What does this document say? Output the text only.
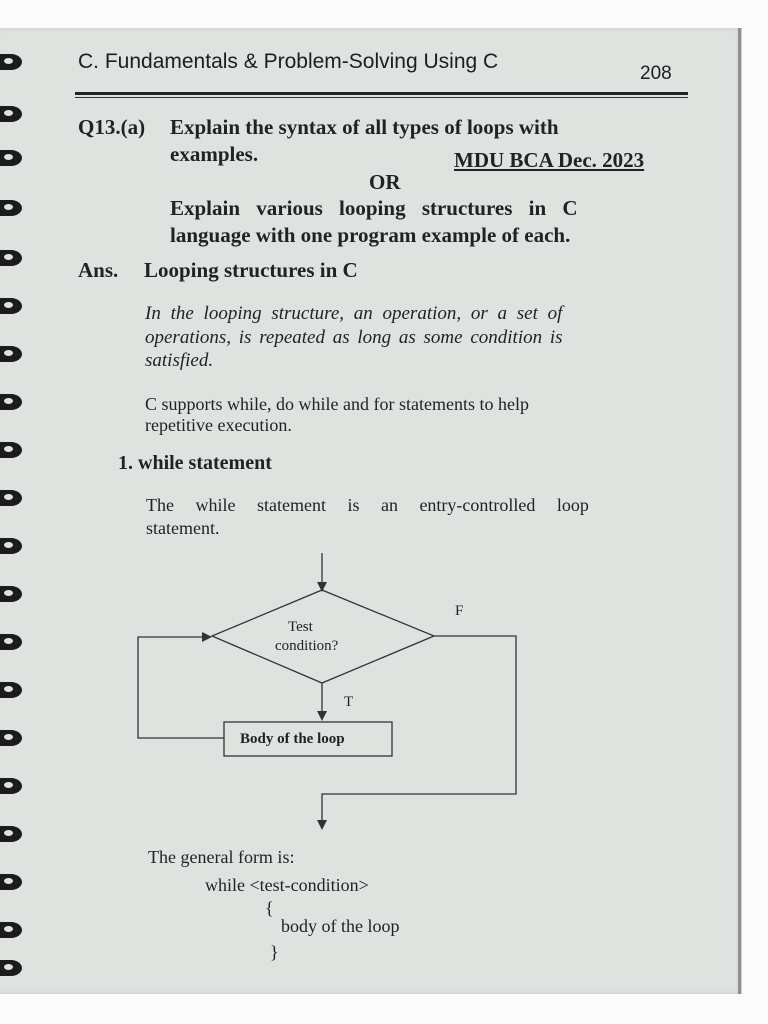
C. Fundamentals & Problem-Solving Using C
208
Q13.(a) Explain the syntax of all types of loops with
examples.	MDU BCA Dec. 2023
OR
Explain various looping structures in C
language with one program example of each.
Ans. Looping structures in C
In the looping structure, an operation, or a set of
operations, is repeated as long as some condition is
satisfied.
C supports while, do while and for statements to help
repetitive execution.
1. while statement
The while statement is an entry-controlled loop
statement.
Test
condition?
T
F
Body of the loop
The general form is:
while <test-condition>
{
body of the loop
}
